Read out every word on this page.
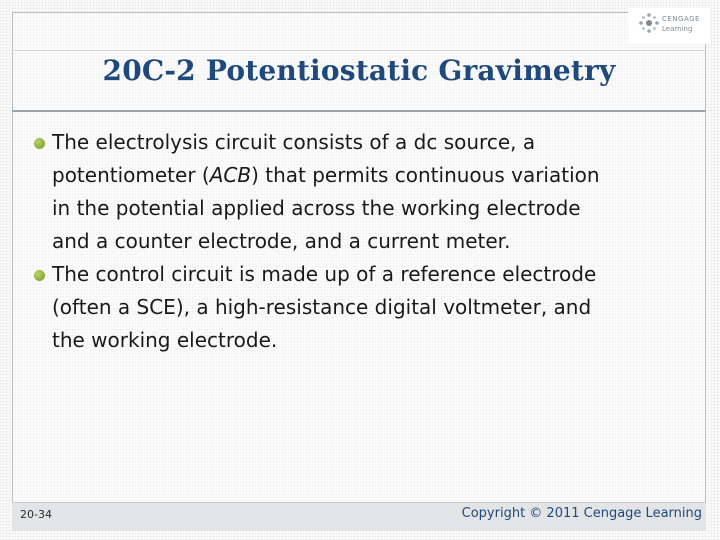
CENGAGE
Learning
20C-2 Potentiostatic Gravimetry
The electrolysis circuit consists of a dc source, a
potentiometer (ACB) that permits continuous variation
in the potential applied across the working electrode
and a counter electrode, and a current meter.
The control circuit is made up of a reference electrode
(often a SCE), a high-resistance digital voltmeter, and
the working electrode.
20-34	Copyright © 2011 Cengage Learning
